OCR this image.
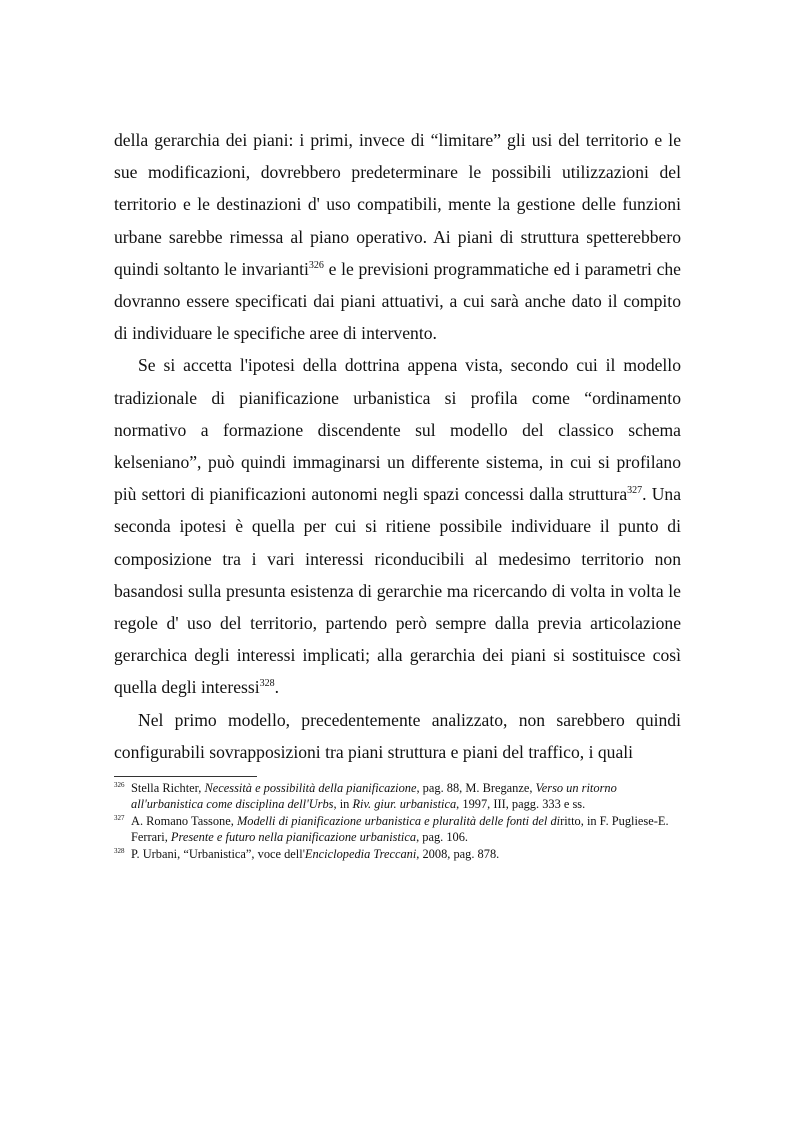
della gerarchia dei piani: i primi, invece di “limitare” gli usi del territorio e le sue modificazioni, dovrebbero predeterminare le possibili utilizzazioni del territorio e le destinazioni d' uso compatibili, mente la gestione delle funzioni urbane sarebbe rimessa al piano operativo. Ai piani di struttura spetterebbero quindi soltanto le invarianti$^{326}$ e le previsioni programmatiche ed i parametri che dovranno essere specificati dai piani attuativi, a cui sarà anche dato il compito di individuare le specifiche aree di intervento.

Se si accetta l'ipotesi della dottrina appena vista, secondo cui il modello tradizionale di pianificazione urbanistica si profila come “ordinamento normativo a formazione discendente sul modello del classico schema kelseniano”, può quindi immaginarsi un differente sistema, in cui si profilano più settori di pianificazioni autonomi negli spazi concessi dalla struttura$^{327}$. Una seconda ipotesi è quella per cui si ritiene possibile individuare il punto di composizione tra i vari interessi riconducibili al medesimo territorio non basandosi sulla presunta esistenza di gerarchie ma ricercando di volta in volta le regole d' uso del territorio, partendo però sempre dalla previa articolazione gerarchica degli interessi implicati; alla gerarchia dei piani si sostituisce così quella degli interessi$^{328}$.

Nel primo modello, precedentemente analizzato, non sarebbero quindi configurabili sovrapposizioni tra piani struttura e piani del traffico, i quali

326 Stella Richter, Necessità e possibilità della pianificazione, pag. 88, M. Breganze, Verso un ritorno all'urbanistica come disciplina dell'Urbs, in Riv. giur. urbanistica, 1997, III, pagg. 333 e ss.

327 A. Romano Tassone, Modelli di pianificazione urbanistica e pluralità delle fonti del diritto, in F. Pugliese-E. Ferrari, Presente e futuro nella pianificazione urbanistica, pag. 106.

328 P. Urbani, “Urbanistica”, voce dell'Enciclopedia Treccani, 2008, pag. 878.
